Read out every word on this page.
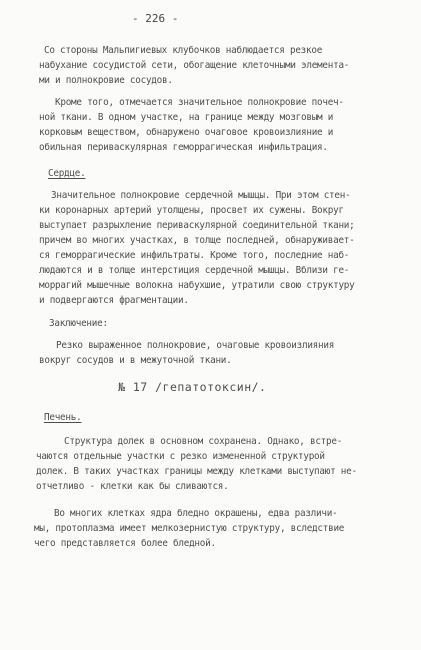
- 226 -
Со стороны Мальпигиевых клубочков наблюдается резкое
набухание сосудистой сети, обогащение клеточными элемента-
ми и полнокровие сосудов.
Кроме того, отмечается значительное полнокровие почеч-
ной ткани. В одном участке, на границе между мозговым и
корковым веществом, обнаружено очаговое кровоизлияние и
обильная периваскулярная геморрагическая инфильтрация.
Сердце.
Значительное полнокровие сердечной мышцы. При этом стен-
ки коронарных артерий утолщены, просвет их сужены. Вокруг
выступает разрыхление периваскулярной соединительной ткани;
причем во многих участках, в толще последней, обнаруживает-
ся геморрагические инфильтраты. Кроме того, последние наб-
людаются и в толще интерстиция сердечной мышцы. Вблизи ге-
моррагий мышечные волокна набухшие, утратили свою структуру
и подвергаются фрагментации.
Заключение:
Резко выраженное полнокровие, очаговые кровоизлияния
вокруг сосудов и в межуточной ткани.
№ 17 /гепатотоксин/.
Печень.
Структура долек в основном сохранена. Однако, встре-
чаются отдельные участки с резко измененной структурой
долек. В таких участках границы между клетками выступают не-
отчетливо - клетки как бы сливаются.
Во многих клетках ядра бледно окрашены, едва различи-
мы, протоплазма имеет мелкозернистую структуру, вследствие
чего представляется более бледной.
